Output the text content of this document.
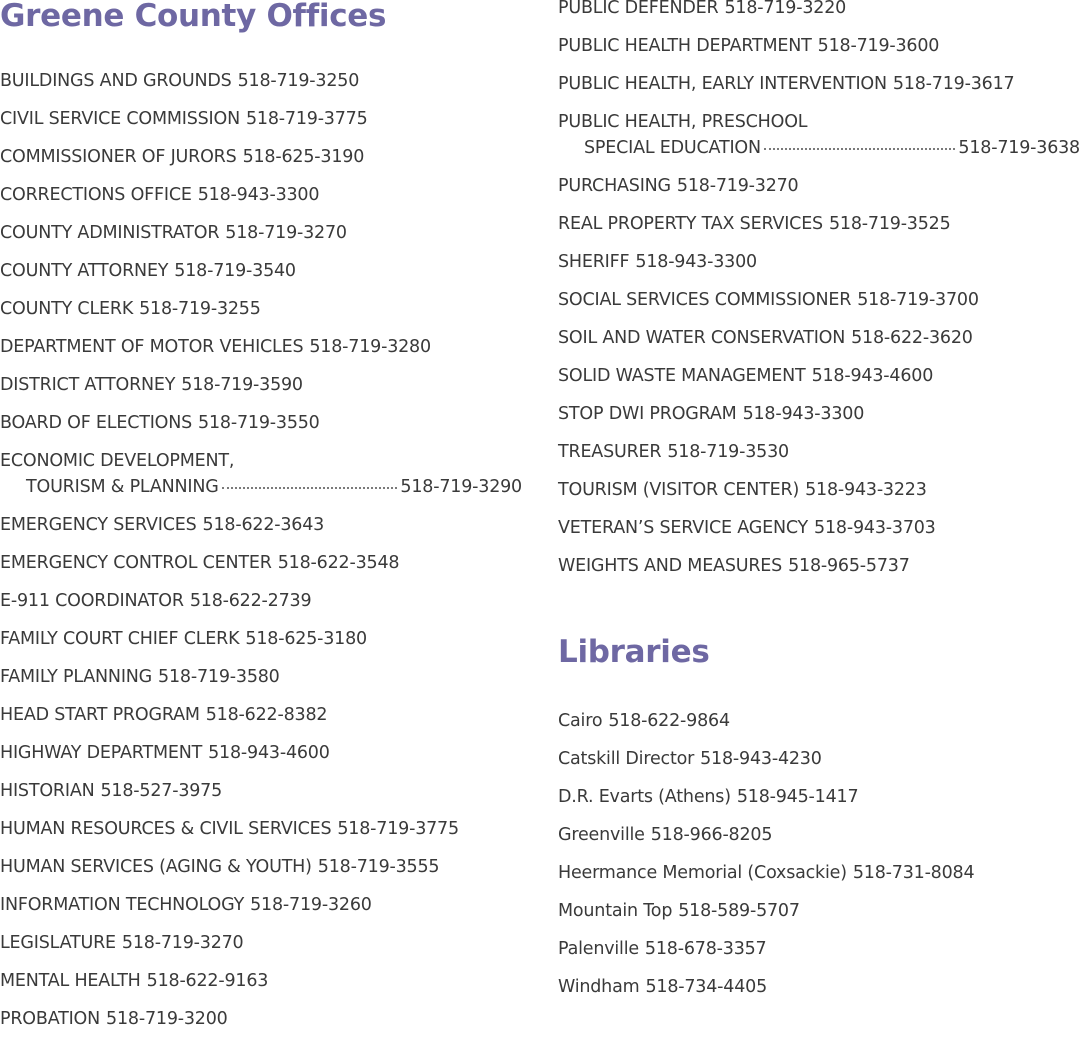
Greene County Offices
BUILDINGS AND GROUNDS 518-719-3250
CIVIL SERVICE COMMISSION 518-719-3775
COMMISSIONER OF JURORS 518-625-3190
CORRECTIONS OFFICE 518-943-3300
COUNTY ADMINISTRATOR 518-719-3270
COUNTY ATTORNEY 518-719-3540
COUNTY CLERK 518-719-3255
DEPARTMENT OF MOTOR VEHICLES 518-719-3280
DISTRICT ATTORNEY 518-719-3590
BOARD OF ELECTIONS 518-719-3550
ECONOMIC DEVELOPMENT,
TOURISM & PLANNING	518-719-3290
EMERGENCY SERVICES 518-622-3643
EMERGENCY CONTROL CENTER 518-622-3548
E-911 COORDINATOR 518-622-2739
FAMILY COURT CHIEF CLERK 518-625-3180
FAMILY PLANNING 518-719-3580
HEAD START PROGRAM 518-622-8382
HIGHWAY DEPARTMENT 518-943-4600
HISTORIAN 518-527-3975
HUMAN RESOURCES & CIVIL SERVICES 518-719-3775
HUMAN SERVICES (AGING & YOUTH) 518-719-3555
INFORMATION TECHNOLOGY 518-719-3260
LEGISLATURE 518-719-3270
MENTAL HEALTH 518-622-9163
PROBATION 518-719-3200
PUBLIC DEFENDER 518-719-3220
PUBLIC HEALTH DEPARTMENT 518-719-3600
PUBLIC HEALTH, EARLY INTERVENTION 518-719-3617
PUBLIC HEALTH, PRESCHOOL
SPECIAL EDUCATION	518-719-3638
PURCHASING 518-719-3270
REAL PROPERTY TAX SERVICES 518-719-3525
SHERIFF 518-943-3300
SOCIAL SERVICES COMMISSIONER 518-719-3700
SOIL AND WATER CONSERVATION 518-622-3620
SOLID WASTE MANAGEMENT 518-943-4600
STOP DWI PROGRAM 518-943-3300
TREASURER 518-719-3530
TOURISM (VISITOR CENTER) 518-943-3223
VETERAN’S SERVICE AGENCY 518-943-3703
WEIGHTS AND MEASURES 518-965-5737
Libraries
Cairo 518-622-9864
Catskill Director 518-943-4230
D.R. Evarts (Athens) 518-945-1417
Greenville 518-966-8205
Heermance Memorial (Coxsackie) 518-731-8084
Mountain Top 518-589-5707
Palenville 518-678-3357
Windham 518-734-4405
